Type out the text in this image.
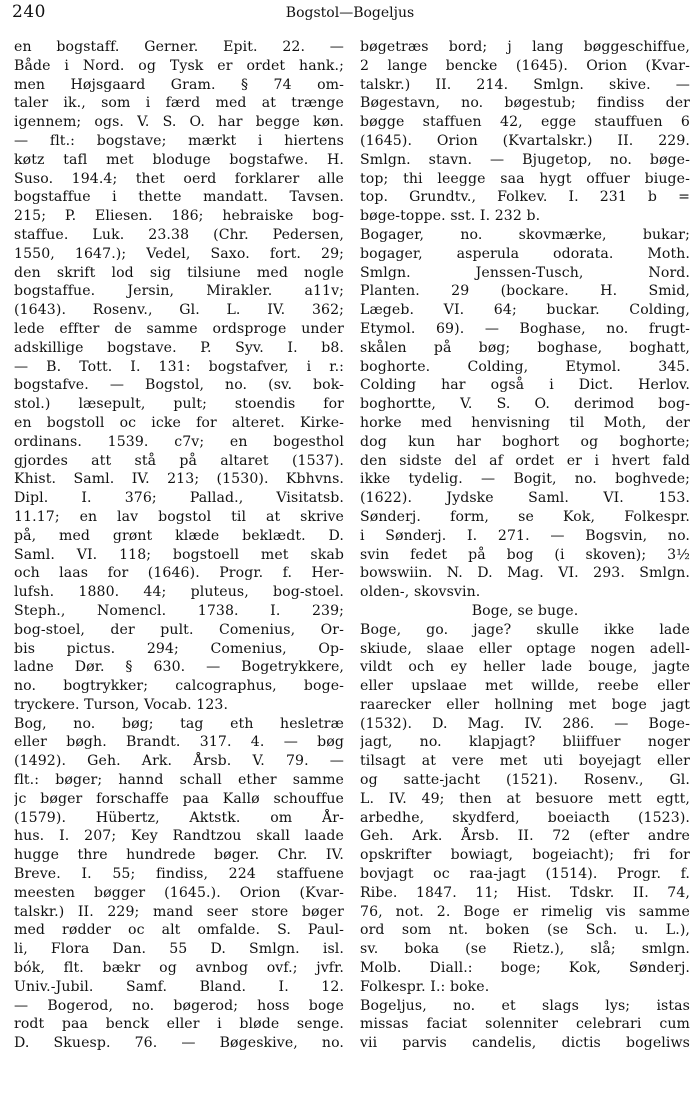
240	Bogstol—Bogeljus
en bogstaff. Gerner. Epit. 22. —
Både i Nord. og Tysk er ordet hank.;
men Højsgaard Gram. § 74 om-
taler ik., som i færd med at trænge
igennem; ogs. V. S. O. har begge køn.
— flt.: bogstave; mærkt i hiertens
køtz tafl met bloduge bogstafwe. H.
Suso. 194.4; thet oerd forklarer alle
bogstaffue i thette mandatt. Tavsen.
215; P. Eliesen. 186; hebraiske bog-
staffue. Luk. 23.38 (Chr. Pedersen,
1550, 1647.); Vedel, Saxo. fort. 29;
den skrift lod sig tilsiune med nogle
bogstaffue. Jersin, Mirakler. a11v;
(1643). Rosenv., Gl. L. IV. 362;
lede effter de samme ordsproge under
adskillige bogstave. P. Syv. I. b8.
— B. Tott. I. 131: bogstafver, i r.:
bogstafve. — Bogstol, no. (sv. bok-
stol.) læsepult, pult; stoendis for
en bogstoll oc icke for alteret. Kirke-
ordinans. 1539. c7v; en bogesthol
gjordes att stå på altaret (1537).
Khist. Saml. IV. 213; (1530). Kbhvns.
Dipl. I. 376; Pallad., Visitatsb.
11.17; en lav bogstol til at skrive
på, med grønt klæde beklædt. D.
Saml. VI. 118; bogstoell met skab
och laas for (1646). Progr. f. Her-
lufsh. 1880. 44; pluteus, bog-stoel.
Steph., Nomencl. 1738. I. 239;
bog-stoel, der pult. Comenius, Or-
bis pictus. 294; Comenius, Op-
ladne Dør. § 630. — Bogetrykkere,
no. bogtrykker; calcographus, boge-
tryckere. Turson, Vocab. 123.
Bog, no. bøg; tag eth hesletræ
eller bøgh. Brandt. 317. 4. — bøg
(1492). Geh. Ark. Årsb. V. 79. —
flt.: bøger; hannd schall ether samme
jc bøger forschaffe paa Kallø schouffue
(1579). Hübertz, Aktstk. om År-
hus. I. 207; Key Randtzou skall laade
hugge thre hundrede bøger. Chr. IV.
Breve. I. 55; findiss, 224 staffuene
meesten bøgger (1645.). Orion (Kvar-
talskr.) II. 229; mand seer store bøger
med rødder oc alt omfalde. S. Paul-
li, Flora Dan. 55 D. Smlgn. isl.
bók, flt. bækr og avnbog ovf.; jvfr.
Univ.-Jubil. Samf. Bland. I. 12.
— Bogerod, no. bøgerod; hoss boge
rodt paa benck eller i bløde senge.
D. Skuesp. 76. — Bøgeskive, no.
bøgetræs bord; j lang bøggeschiffue,
2 lange bencke (1645). Orion (Kvar-
talskr.) II. 214. Smlgn. skive. —
Bøgestavn, no. bøgestub; findiss der
bøgge staffuen 42, egge stauffuen 6
(1645). Orion (Kvartalskr.) II. 229.
Smlgn. stavn. — Bjugetop, no. bøge-
top; thi leegge saa hygt offuer biuge-
top. Grundtv., Folkev. I. 231 b =
bøge-toppe. sst. I. 232 b.
Bogager, no. skovmærke, bukar;
bogager, asperula odorata. Moth.
Smlgn. Jenssen-Tusch, Nord.
Planten. 29 (bockare. H. Smid,
Lægeb. VI. 64; buckar. Colding,
Etymol. 69). — Boghase, no. frugt-
skålen på bøg; boghase, boghatt,
boghorte. Colding, Etymol. 345.
Colding har også i Dict. Herlov.
boghortte, V. S. O. derimod bog-
horke med henvisning til Moth, der
dog kun har boghort og boghorte;
den sidste del af ordet er i hvert fald
ikke tydelig. — Bogit, no. boghvede;
(1622). Jydske Saml. VI. 153.
Sønderj. form, se Kok, Folkespr.
i Sønderj. I. 271. — Bogsvin, no.
svin fedet på bog (i skoven); 3½
bowswiin. N. D. Mag. VI. 293. Smlgn.
olden-, skovsvin.
Boge, se buge.
Boge, go. jage? skulle ikke lade
skiude, slaae eller optage nogen adell-
vildt och ey heller lade bouge, jagte
eller upslaae met willde, reebe eller
raarecker eller hollning met boge jagt
(1532). D. Mag. IV. 286. — Boge-
jagt, no. klapjagt? bliiffuer noger
tilsagt at vere met uti boyejagt eller
og satte-jacht (1521). Rosenv., Gl.
L. IV. 49; then at besuore mett egtt,
arbedhe, skydferd, boeiacth (1523).
Geh. Ark. Årsb. II. 72 (efter andre
opskrifter bowiagt, bogeiacht); fri for
bovjagt oc raa-jagt (1514). Progr. f.
Ribe. 1847. 11; Hist. Tdskr. II. 74,
76, not. 2. Boge er rimelig vis samme
ord som nt. boken (se Sch. u. L.),
sv. boka (se Rietz.), slå; smlgn.
Molb. Diall.: boge; Kok, Sønderj.
Folkespr. I.: boke.
Bogeljus, no. et slags lys; istas
missas faciat solenniter celebrari cum
vii parvis candelis, dictis bogeliws
